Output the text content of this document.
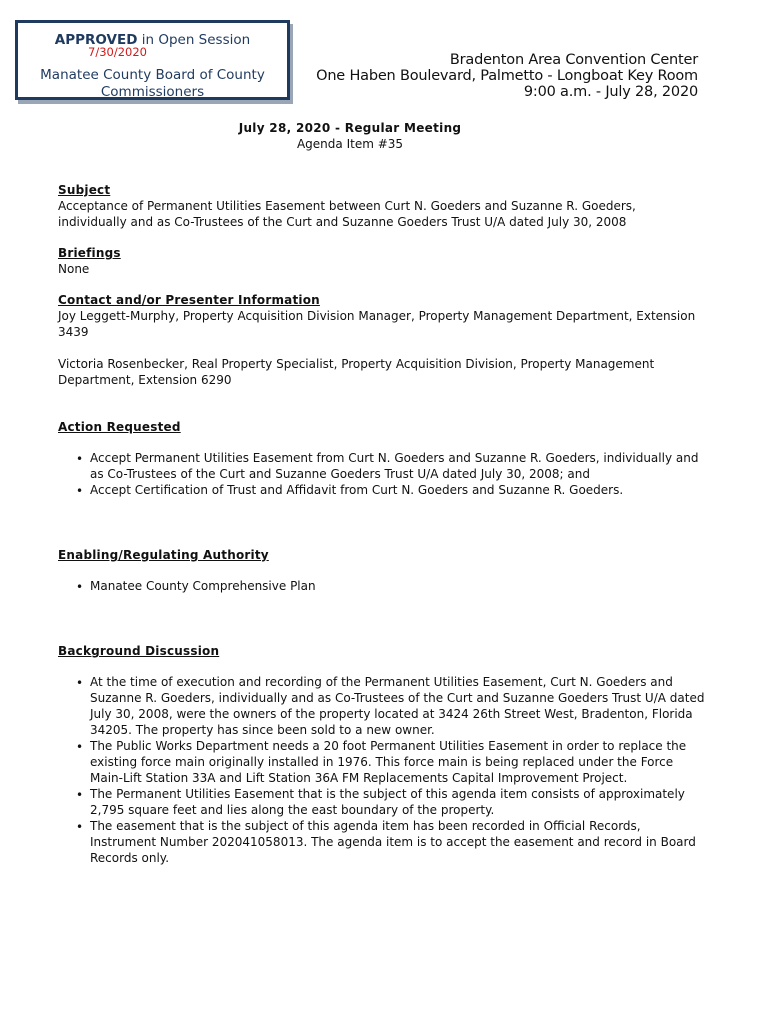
APPROVED in Open Session
7/30/2020
Manatee County Board of County Commissioners
Bradenton Area Convention Center
One Haben Boulevard, Palmetto - Longboat Key Room
9:00 a.m. - July 28, 2020
July 28, 2020 - Regular Meeting
Agenda Item #35
Subject
Acceptance of Permanent Utilities Easement between Curt N. Goeders and Suzanne R. Goeders, individually and as Co-Trustees of the Curt and Suzanne Goeders Trust U/A dated July 30, 2008
Briefings
None
Contact and/or Presenter Information
Joy Leggett-Murphy, Property Acquisition Division Manager, Property Management Department, Extension 3439
Victoria Rosenbecker, Real Property Specialist, Property Acquisition Division, Property Management Department, Extension 6290
Action Requested
• Accept Permanent Utilities Easement from Curt N. Goeders and Suzanne R. Goeders, individually and as Co-Trustees of the Curt and Suzanne Goeders Trust U/A dated July 30, 2008; and
• Accept Certification of Trust and Affidavit from Curt N. Goeders and Suzanne R. Goeders.
Enabling/Regulating Authority
• Manatee County Comprehensive Plan
Background Discussion
• At the time of execution and recording of the Permanent Utilities Easement, Curt N. Goeders and Suzanne R. Goeders, individually and as Co-Trustees of the Curt and Suzanne Goeders Trust U/A dated July 30, 2008, were the owners of the property located at 3424 26th Street West, Bradenton, Florida 34205. The property has since been sold to a new owner.
• The Public Works Department needs a 20 foot Permanent Utilities Easement in order to replace the existing force main originally installed in 1976. This force main is being replaced under the Force Main-Lift Station 33A and Lift Station 36A FM Replacements Capital Improvement Project.
• The Permanent Utilities Easement that is the subject of this agenda item consists of approximately 2,795 square feet and lies along the east boundary of the property.
• The easement that is the subject of this agenda item has been recorded in Official Records, Instrument Number 202041058013. The agenda item is to accept the easement and record in Board Records only.
